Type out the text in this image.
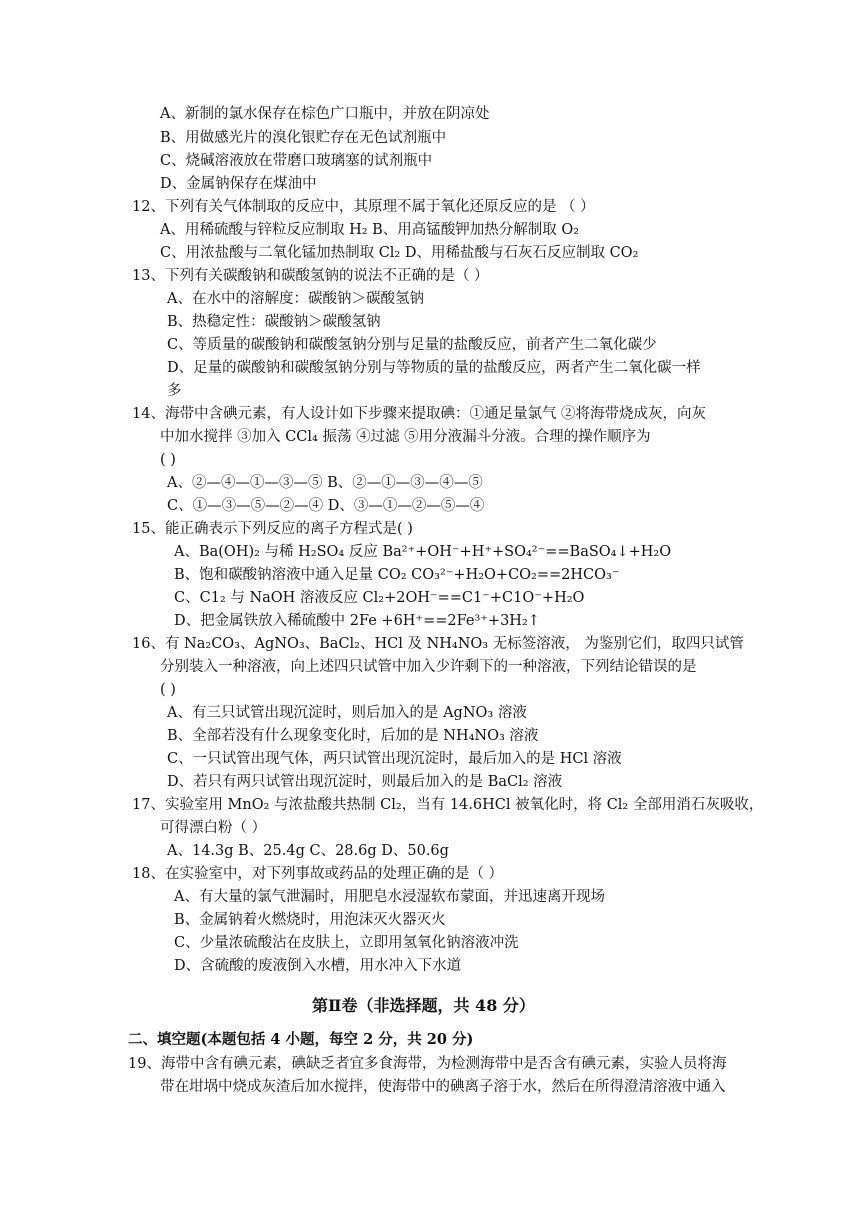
A、新制的氯水保存在棕色广口瓶中，并放在阴凉处
B、用做感光片的溴化银贮存在无色试剂瓶中
C、烧碱溶液放在带磨口玻璃塞的试剂瓶中
D、金属钠保存在煤油中
12、下列有关气体制取的反应中，其原理不属于氧化还原反应的是 （ ）
A、用稀硫酸与锌粒反应制取 H₂ B、用高锰酸钾加热分解制取 O₂
C、用浓盐酸与二氧化锰加热制取 Cl₂ D、用稀盐酸与石灰石反应制取 CO₂
13、下列有关碳酸钠和碳酸氢钠的说法不正确的是（ ）
A、在水中的溶解度：碳酸钠＞碳酸氢钠
B、热稳定性：碳酸钠＞碳酸氢钠
C、等质量的碳酸钠和碳酸氢钠分别与足量的盐酸反应，前者产生二氧化碳少
D、足量的碳酸钠和碳酸氢钠分别与等物质的量的盐酸反应，两者产生二氧化碳一样
多
14、海带中含碘元素，有人设计如下步骤来提取碘：①通足量氯气 ②将海带烧成灰，向灰
中加水搅拌 ③加入 CCl₄ 振荡 ④过滤 ⑤用分液漏斗分液。合理的操作顺序为
( )
A、②—④—①—③—⑤ B、②—①—③—④—⑤
C、①—③—⑤—②—④ D、③—①—②—⑤—④
15、能正确表示下列反应的离子方程式是( )
A、Ba(OH)₂ 与稀 H₂SO₄ 反应 Ba²⁺+OH⁻+H⁺+SO₄²⁻==BaSO₄↓+H₂O
B、饱和碳酸钠溶液中通入足量 CO₂ CO₃²⁻+H₂O+CO₂==2HCO₃⁻
C、C1₂ 与 NaOH 溶液反应 Cl₂+2OH⁻==C1⁻+C1O⁻+H₂O
D、把金属铁放入稀硫酸中 2Fe +6H⁺==2Fe³⁺+3H₂↑
16、有 Na₂CO₃、AgNO₃、BaCl₂、HCl 及 NH₄NO₃ 无标签溶液， 为鉴别它们，取四只试管
分别装入一种溶液，向上述四只试管中加入少许剩下的一种溶液，下列结论错误的是
( )
A、有三只试管出现沉淀时，则后加入的是 AgNO₃ 溶液
B、全部若没有什么现象变化时，后加的是 NH₄NO₃ 溶液
C、一只试管出现气体，两只试管出现沉淀时，最后加入的是 HCl 溶液
D、若只有两只试管出现沉淀时，则最后加入的是 BaCl₂ 溶液
17、实验室用 MnO₂ 与浓盐酸共热制 Cl₂，当有 14.6HCl 被氧化时，将 Cl₂ 全部用消石灰吸收，
可得漂白粉（ ）
A、14.3g B、25.4g C、28.6g D、50.6g
18、在实验室中，对下列事故或药品的处理正确的是（ ）
A、有大量的氯气泄漏时，用肥皂水浸湿软布蒙面，并迅速离开现场
B、金属钠着火燃烧时，用泡沫灭火器灭火
C、少量浓硫酸沾在皮肤上，立即用氢氧化钠溶液冲洗
D、含硫酸的废液倒入水槽，用水冲入下水道
第Ⅱ卷（非选择题，共 48 分）
二、填空题(本题包括 4 小题，每空 2 分，共 20 分)
19、海带中含有碘元素，碘缺乏者宜多食海带，为检测海带中是否含有碘元素，实验人员将海
带在坩埚中烧成灰渣后加水搅拌，使海带中的碘离子溶于水，然后在所得澄清溶液中通入
